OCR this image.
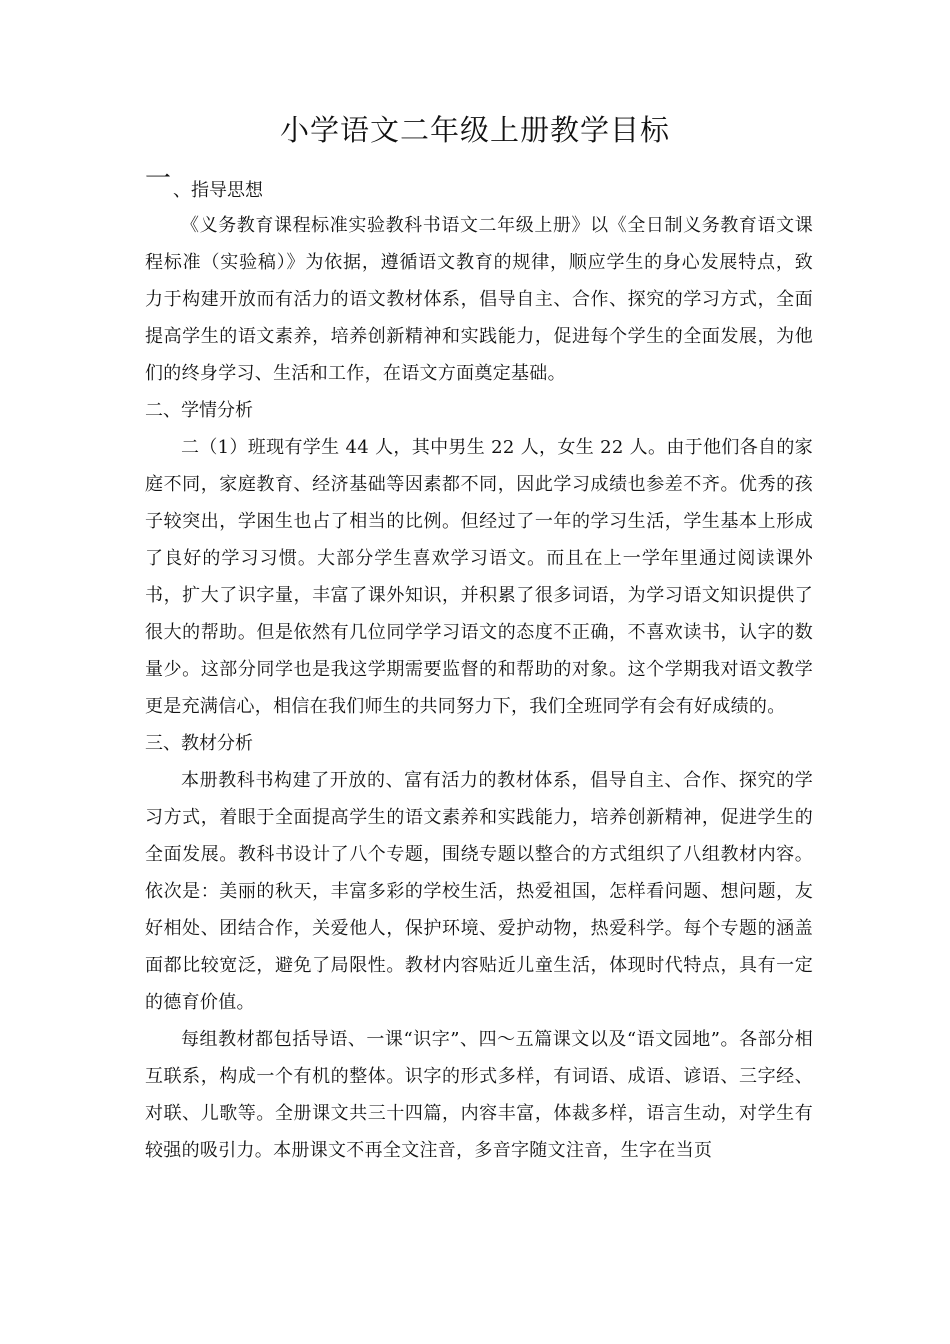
小学语文二年级上册教学目标
一 、指导思想

《义务教育课程标准实验教科书语文二年级上册》以《全日制义务教育语文课程标准（实验稿）》为依据，遵循语文教育的规律，顺应学生的身心发展特点，致力于构建开放而有活力的语文教材体系，倡导自主、合作、探究的学习方式，全面提高学生的语文素养，培养创新精神和实践能力，促进每个学生的全面发展，为他们的终身学习、生活和工作，在语文方面奠定基础。

二、学情分析

二（1）班现有学生 44 人，其中男生 22 人，女生 22 人。由于他们各自的家庭不同，家庭教育、经济基础等因素都不同，因此学习成绩也参差不齐。优秀的孩子较突出，学困生也占了相当的比例。但经过了一年的学习生活，学生基本上形成了良好的学习习惯。大部分学生喜欢学习语文。而且在上一学年里通过阅读课外书，扩大了识字量，丰富了课外知识，并积累了很多词语，为学习语文知识提供了很大的帮助。但是依然有几位同学学习语文的态度不正确，不喜欢读书，认字的数量少。这部分同学也是我这学期需要监督的和帮助的对象。这个学期我对语文教学更是充满信心，相信在我们师生的共同努力下，我们全班同学有会有好成绩的。

三、教材分析

本册教科书构建了开放的、富有活力的教材体系，倡导自主、合作、探究的学习方式，着眼于全面提高学生的语文素养和实践能力，培养创新精神，促进学生的全面发展。教科书设计了八个专题，围绕专题以整合的方式组织了八组教材内容。依次是：美丽的秋天，丰富多彩的学校生活，热爱祖国，怎样看问题、想问题，友好相处、团结合作，关爱他人，保护环境、爱护动物，热爱科学。每个专题的涵盖面都比较宽泛，避免了局限性。教材内容贴近儿童生活，体现时代特点，具有一定的德育价值。

每组教材都包括导语、一课“识字”、四～五篇课文以及“语文园地”。各部分相互联系，构成一个有机的整体。识字的形式多样，有词语、成语、谚语、三字经、对联、儿歌等。全册课文共三十四篇，内容丰富，体裁多样，语言生动，对学生有较强的吸引力。本册课文不再全文注音，多音字随文注音，生字在当页
